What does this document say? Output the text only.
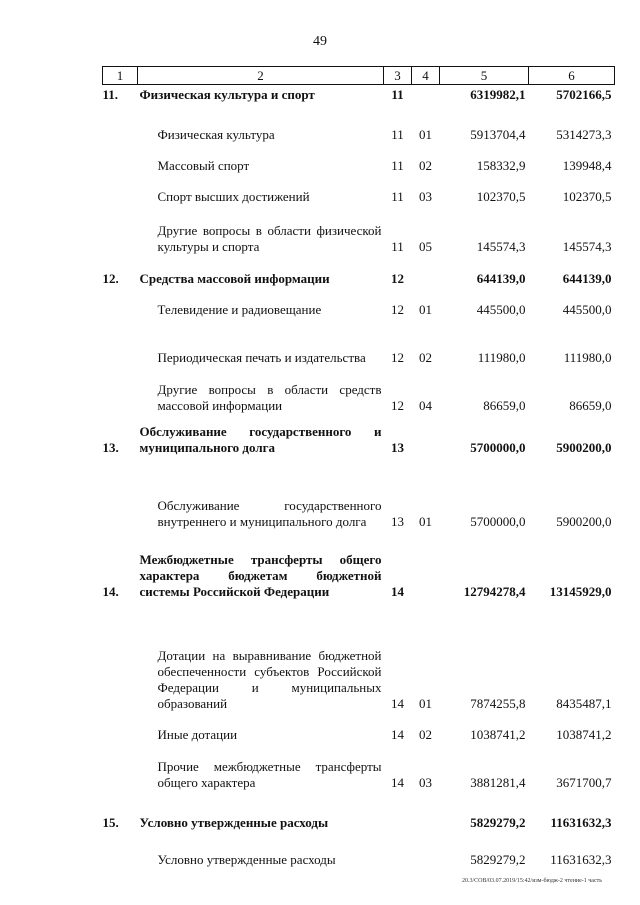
49
1	2	3	4	5	6
11.	Физическая культура и спорт	11		6319982,1	5702166,5
	Физическая культура	11	01	5913704,4	5314273,3
	Массовый спорт	11	02	158332,9	139948,4
	Спорт высших достижений	11	03	102370,5	102370,5
	Другие вопросы в области физической культуры и спорта	11	05	145574,3	145574,3
12.	Средства массовой информации	12		644139,0	644139,0
	Телевидение и радиовещание	12	01	445500,0	445500,0
	Периодическая печать и издательства	12	02	111980,0	111980,0
	Другие вопросы в области средств массовой информации	12	04	86659,0	86659,0
13.	Обслуживание государственного и муниципального долга	13		5700000,0	5900200,0
	Обслуживание государственного внутреннего и муниципального долга	13	01	5700000,0	5900200,0
14.	Межбюджетные трансферты общего характера бюджетам бюджетной системы Российской Федерации	14		12794278,4	13145929,0
	Дотации на выравнивание бюджетной обеспеченности субъектов Российской Федерации и муниципальных образований	14	01	7874255,8	8435487,1
	Иные дотации	14	02	1038741,2	1038741,2
	Прочие межбюджетные трансферты общего характера	14	03	3881281,4	3671700,7
15.	Условно утвержденные расходы			5829279,2	11631632,3
	Условно утвержденные расходы			5829279,2	11631632,3
20.3/СОВ/03.07.2019/15:42/изм-бюдж-2 чтение-1 часть
